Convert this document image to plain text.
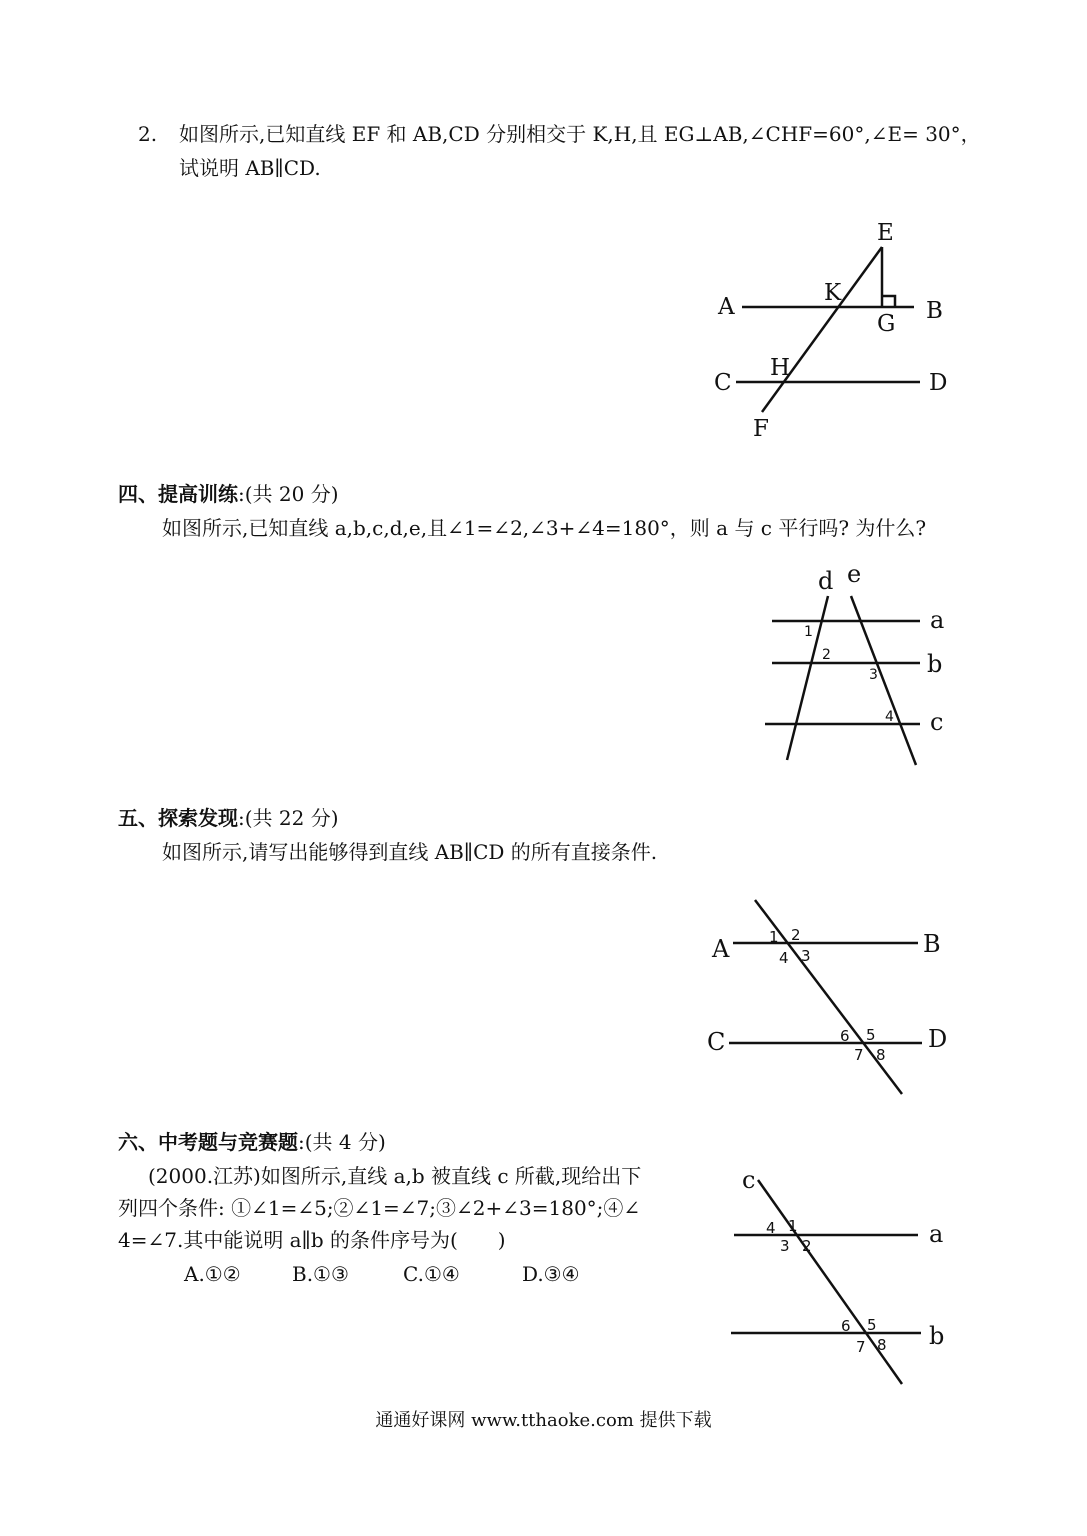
2. 如图所示,已知直线 EF 和 AB,CD 分别相交于 K,H,且 EG⊥AB,∠CHF=60°,∠E= 30°，
试说明 AB∥CD.
E
A
K
G B
H
C	D
F
四、提高训练:(共 20 分)
如图所示,已知直线 a,b,c,d,e,且∠1=∠2,∠3+∠4=180°，则 a 与 c 平行吗? 为什么?
d e
a
b
c
1
2
3
4
五、探索发现:(共 22 分)
如图所示,请写出能够得到直线 AB∥CD 的所有直接条件.
A	B
C	D
1 2
3
4
5
6
7 8
六、中考题与竞赛题:(共 4 分)
(2000.江苏)如图所示,直线 a,b 被直线 c 所截,现给出下
列四个条件: ①∠1=∠5;②∠1=∠7;③∠2+∠3=180°;④∠
4=∠7.其中能说明 a∥b 的条件序号为(　　)
A.①②	B.①③	C.①④	D.③④
c
a
b
1
2
3
4
5
6
7 8
通通好课网 www.tthaoke.com 提供下载
